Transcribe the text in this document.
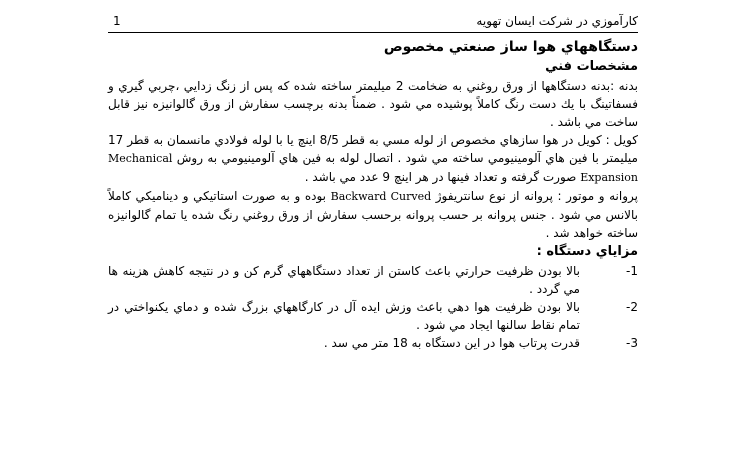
کارآموزي در شرکت ايسان تهويه
1

دستگاههاي هوا ساز صنعتي مخصوص

مشخصات فني

بدنه :بدنه دستگاهها از ورق روغني به ضخامت 2 ميليمتر ساخته شده که پس از زنگ زدايي ،چربي گيري و فسفاتينگ با يك دست رنگ کاملاً پوشيده مي شود . ضمناً بدنه برچسب سفارش از ورق گالوانيزه نيز قابل ساخت مي باشد .

کويل : کويل در هوا سازهاي مخصوص از لوله مسي به قطر 8/5 اينچ يا با لوله فولادي مانسمان به قطر 17 ميليمتر با فين هاي آلومينيومي ساخته مي شود . اتصال لوله به فين هاي آلومينيومي به روش Mechanical Expansion صورت گرفته و تعداد فينها در هر اينچ 9 عدد مي باشد .

پروانه و موتور : پروانه از نوع سانتريفوژ Backward Curved بوده و به صورت استاتيکي و ديناميکي کاملاً بالانس مي شود . جنس پروانه بر حسب پروانه برحسب سفارش از ورق روغني رنگ شده يا تمام گالوانيزه ساخته خواهد شد .

مزاياي دستگاه :

-1
بالا بودن ظرفيت حرارتي باعث کاستن از تعداد دستگاههاي گرم کن و در نتيجه کاهش هزينه ها مي گردد .
-2
بالا بودن ظرفيت هوا دهي باعث وزش ايده آل در کارگاههاي بزرگ شده و دماي يکنواختي در تمام نقاط سالنها ايجاد مي شود .
-3
قدرت پرتاب هوا در اين دستگاه به 18 متر مي سد .
